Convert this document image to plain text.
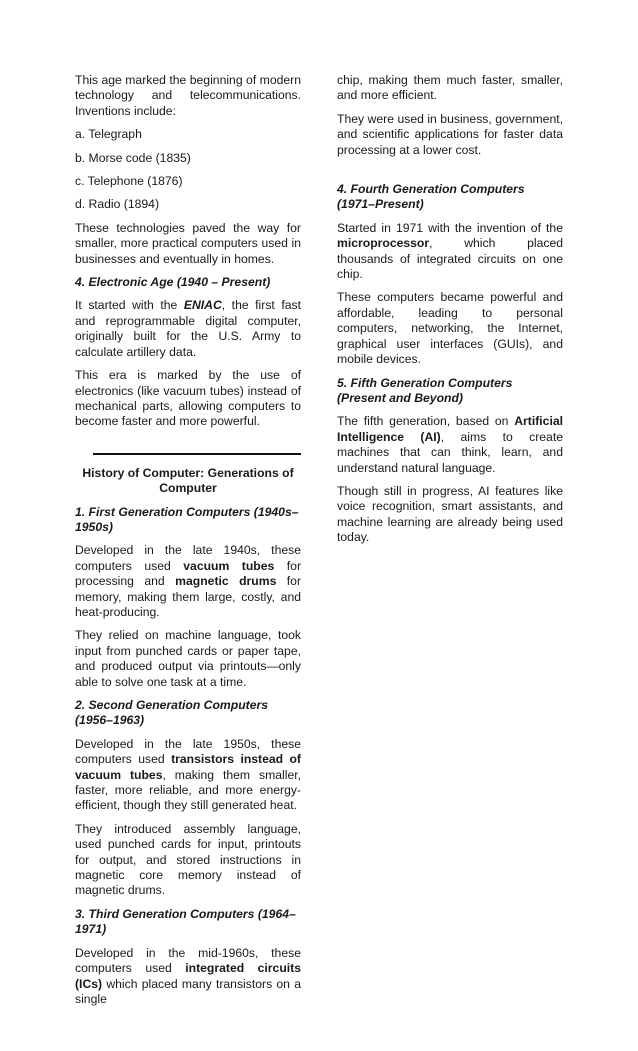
This age marked the beginning of modern technology and telecommunications. Inventions include:

a. Telegraph

b. Morse code (1835)

c. Telephone (1876)

d. Radio (1894)

These technologies paved the way for smaller, more practical computers used in businesses and eventually in homes.

4. Electronic Age (1940 – Present)

It started with the ENIAC, the first fast and reprogrammable digital computer, originally built for the U.S. Army to calculate artillery data.

This era is marked by the use of electronics (like vacuum tubes) instead of mechanical parts, allowing computers to become faster and more powerful.

History of Computer: Generations of Computer

1. First Generation Computers (1940s–1950s)

Developed in the late 1940s, these computers used vacuum tubes for processing and magnetic drums for memory, making them large, costly, and heat-producing.

They relied on machine language, took input from punched cards or paper tape, and produced output via printouts—only able to solve one task at a time.

2. Second Generation Computers (1956–1963)

Developed in the late 1950s, these computers used transistors instead of vacuum tubes, making them smaller, faster, more reliable, and more energy-efficient, though they still generated heat.

They introduced assembly language, used punched cards for input, printouts for output, and stored instructions in magnetic core memory instead of magnetic drums.

3. Third Generation Computers (1964–1971)

Developed in the mid-1960s, these computers used integrated circuits (ICs) which placed many transistors on a single

chip, making them much faster, smaller, and more efficient.

They were used in business, government, and scientific applications for faster data processing at a lower cost.

4. Fourth Generation Computers (1971–Present)

Started in 1971 with the invention of the microprocessor, which placed thousands of integrated circuits on one chip.

These computers became powerful and affordable, leading to personal computers, networking, the Internet, graphical user interfaces (GUIs), and mobile devices.

5. Fifth Generation Computers (Present and Beyond)

The fifth generation, based on Artificial Intelligence (AI), aims to create machines that can think, learn, and understand natural language.

Though still in progress, AI features like voice recognition, smart assistants, and machine learning are already being used today.
